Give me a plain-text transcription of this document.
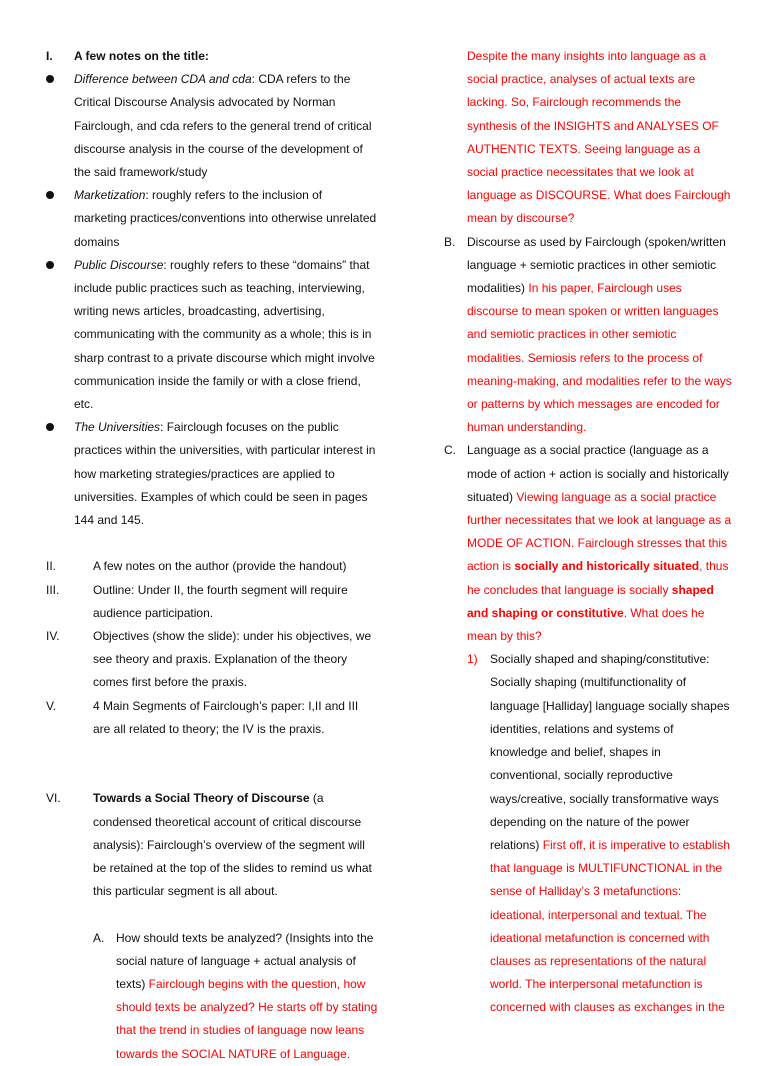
I. A few notes on the title:
Difference between CDA and cda: CDA refers to the Critical Discourse Analysis advocated by Norman Fairclough, and cda refers to the general trend of critical discourse analysis in the course of the development of the said framework/study
Marketization: roughly refers to the inclusion of marketing practices/conventions into otherwise unrelated domains
Public Discourse: roughly refers to these “domains” that include public practices such as teaching, interviewing, writing news articles, broadcasting, advertising, communicating with the community as a whole; this is in sharp contrast to a private discourse which might involve communication inside the family or with a close friend, etc.
The Universities: Fairclough focuses on the public practices within the universities, with particular interest in how marketing strategies/practices are applied to universities. Examples of which could be seen in pages 144 and 145.
II.	A few notes on the author (provide the handout)
III.	Outline: Under II, the fourth segment will require audience participation.
IV.	Objectives (show the slide): under his objectives, we see theory and praxis. Explanation of the theory comes first before the praxis.
V.	4 Main Segments of Fairclough’s paper: I,II and III are all related to theory; the IV is the praxis.
VI.	Towards a Social Theory of Discourse (a condensed theoretical account of critical discourse analysis): Fairclough’s overview of the segment will be retained at the top of the slides to remind us what this particular segment is all about.
A. How should texts be analyzed? (Insights into the social nature of language + actual analysis of texts) Fairclough begins with the question, how should texts be analyzed? He starts off by stating that the trend in studies of language now leans towards the SOCIAL NATURE of Language.
Despite the many insights into language as a social practice, analyses of actual texts are lacking. So, Fairclough recommends the synthesis of the INSIGHTS and ANALYSES OF AUTHENTIC TEXTS. Seeing language as a social practice necessitates that we look at language as DISCOURSE. What does Fairclough mean by discourse?
B. Discourse as used by Fairclough (spoken/written language + semiotic practices in other semiotic modalities) In his paper, Fairclough uses discourse to mean spoken or written languages and semiotic practices in other semiotic modalities. Semiosis refers to the process of meaning-making, and modalities refer to the ways or patterns by which messages are encoded for human understanding.
C. Language as a social practice (language as a mode of action + action is socially and historically situated) Viewing language as a social practice further necessitates that we look at language as a MODE OF ACTION. Fairclough stresses that this action is socially and historically situated, thus he concludes that language is socially shaped and shaping or constitutive. What does he mean by this?
1) Socially shaped and shaping/constitutive: Socially shaping (multifunctionality of language [Halliday] language socially shapes identities, relations and systems of knowledge and belief, shapes in conventional, socially reproductive ways/creative, socially transformative ways depending on the nature of the power relations) First off, it is imperative to establish that language is MULTIFUNCTIONAL in the sense of Halliday’s 3 metafunctions: ideational, interpersonal and textual. The ideational metafunction is concerned with clauses as representations of the natural world. The interpersonal metafunction is concerned with clauses as exchanges in the
